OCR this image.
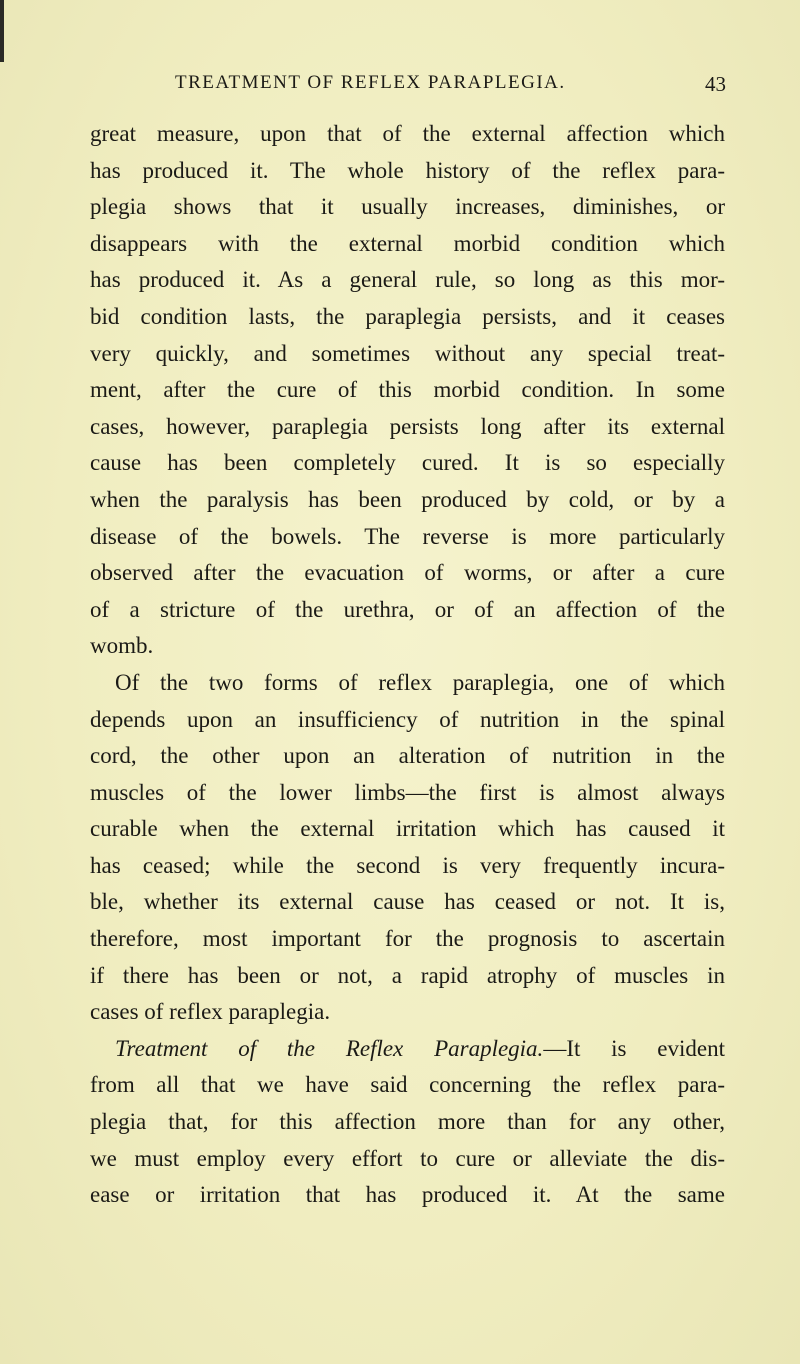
TREATMENT OF REFLEX PARAPLEGIA.	43
great measure, upon that of the external affection which
has produced it. The whole history of the reflex para-
plegia shows that it usually increases, diminishes, or
disappears with the external morbid condition which
has produced it. As a general rule, so long as this mor-
bid condition lasts, the paraplegia persists, and it ceases
very quickly, and sometimes without any special treat-
ment, after the cure of this morbid condition. In some
cases, however, paraplegia persists long after its external
cause has been completely cured. It is so especially
when the paralysis has been produced by cold, or by a
disease of the bowels. The reverse is more particularly
observed after the evacuation of worms, or after a cure
of a stricture of the urethra, or of an affection of the
womb.
Of the two forms of reflex paraplegia, one of which
depends upon an insufficiency of nutrition in the spinal
cord, the other upon an alteration of nutrition in the
muscles of the lower limbs—the first is almost always
curable when the external irritation which has caused it
has ceased; while the second is very frequently incura-
ble, whether its external cause has ceased or not. It is,
therefore, most important for the prognosis to ascertain
if there has been or not, a rapid atrophy of muscles in
cases of reflex paraplegia.
Treatment of the Reflex Paraplegia.—It is evident
from all that we have said concerning the reflex para-
plegia that, for this affection more than for any other,
we must employ every effort to cure or alleviate the dis-
ease or irritation that has produced it. At the same
